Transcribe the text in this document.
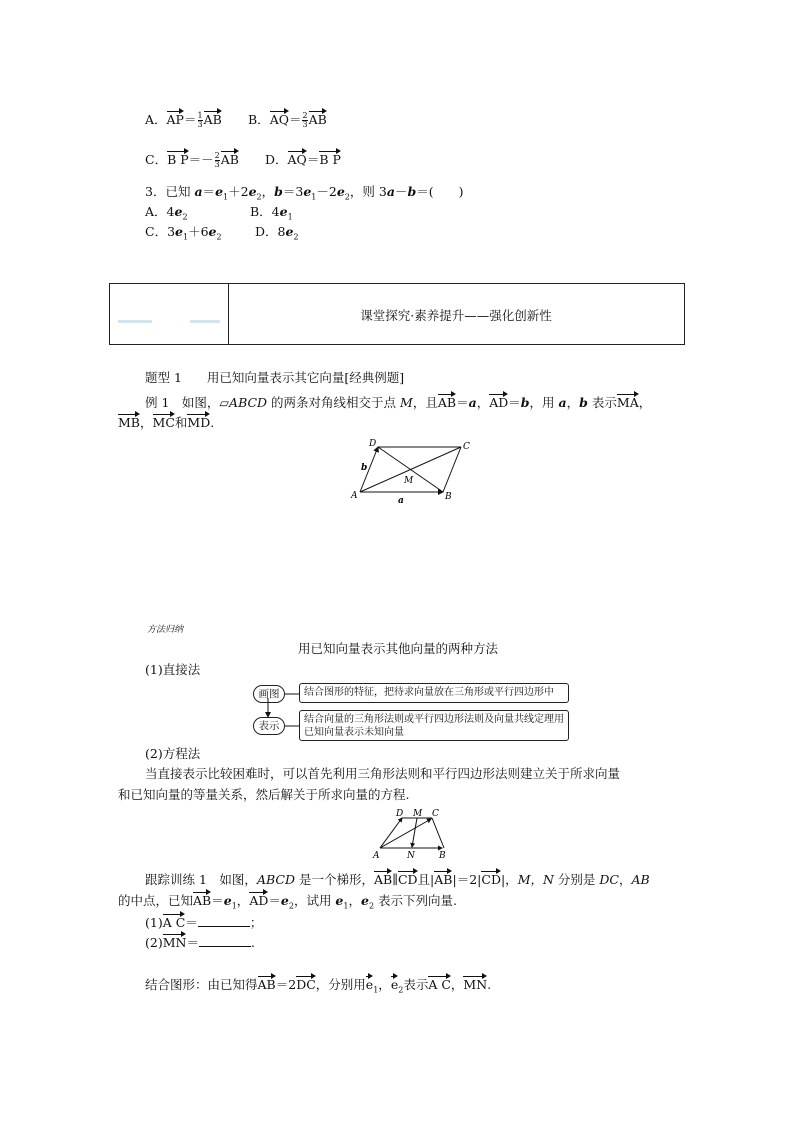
A．$AP= \frac{1}{3}$ AB B．$AQ= \frac{2}{3}$ AB
C．B $P=- \frac{2}{3}$ AB D．AQ＝B P
3．已知 $a=e_1+2e_2$，$b=3e_1-2e_2$，则 3a－b＝(　　)
A．$4e_2$	B．$4e_1$
C．$3e_1+6e_2$	D．$8e_2$
课堂探究·素养提升——强化创新性
题型 1　　用已知向量表示其它向量[经典例题]
例 1　如图，▱ABCD 的两条对角线相交于点 M，且AB＝a，AD＝b，用 a，b 表示MA，
MB，MC和MD.
D	C
A	B
M
a
b
方法归纳
用已知向量表示其他向量的两种方法
(1)直接法
画图	结合图形的特征，把待求向量放在三角形或平行四边形中
表示
结合向量的三角形法则或平行四边形法则及向量共线定理用已知向量表示未知向量
(2)方程法
当直接表示比较困难时，可以首先利用三角形法则和平行四边形法则建立关于所求向量
和已知向量的等量关系，然后解关于所求向量的方程.
D M C
A	N	B
跟踪训练 1　如图，ABCD 是一个梯形，AB∥CD且|AB|＝2|CD|，M，N 分别是 DC，AB
的中点，已知$AB=e_1$，$AD=e_2$，试用 $e_1$，$e_2$ 表示下列向量.
(1)A C＝	；
(2)MN＝	.
结合图形：由已知得AB＝2DC，分别用$e_1$，$e_2$表示A C，MN.
